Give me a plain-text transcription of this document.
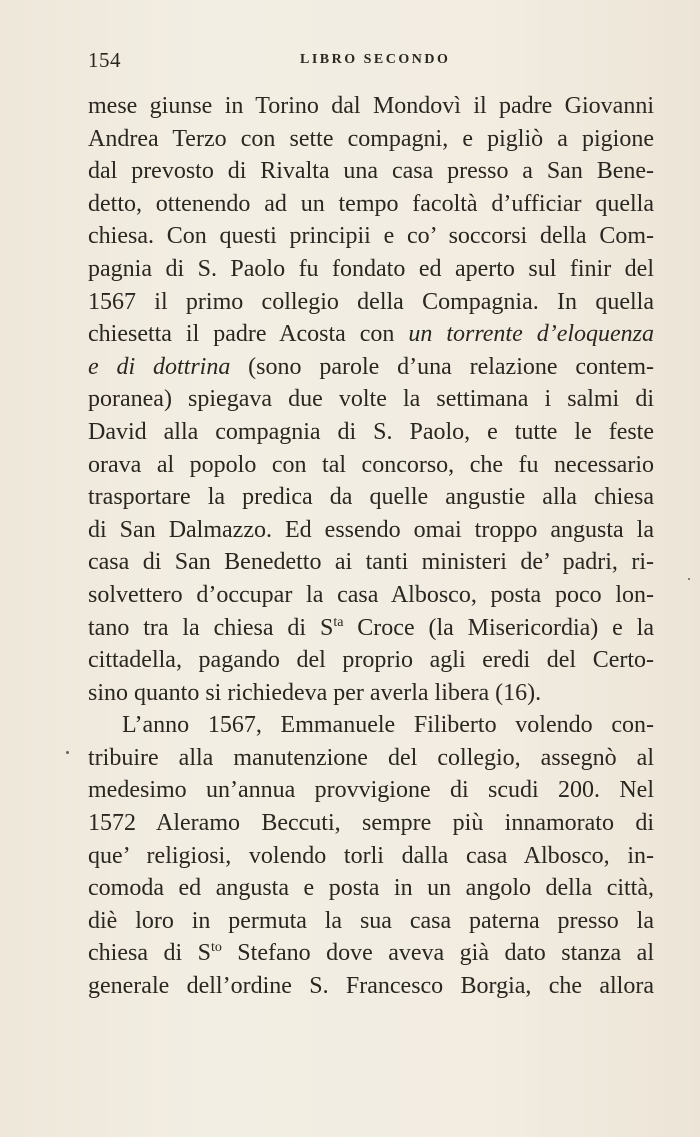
154	LIBRO SECONDO
mese giunse in Torino dal Mondovì il padre Giovanni
Andrea Terzo con sette compagni, e pigliò a pigione
dal prevosto di Rivalta una casa presso a San Bene-
detto, ottenendo ad un tempo facoltà d’ufficiar quella
chiesa. Con questi principii e co’ soccorsi della Com-
pagnia di S. Paolo fu fondato ed aperto sul finir del
1567 il primo collegio della Compagnia. In quella
chiesetta il padre Acosta con un torrente d’eloquenza
e di dottrina (sono parole d’una relazione contem-
poranea) spiegava due volte la settimana i salmi di
David alla compagnia di S. Paolo, e tutte le feste
orava al popolo con tal concorso, che fu necessario
trasportare la predica da quelle angustie alla chiesa
di San Dalmazzo. Ed essendo omai troppo angusta la
casa di San Benedetto ai tanti ministeri de’ padri, ri-
solvettero d’occupar la casa Albosco, posta poco lon-
tano tra la chiesa di $S^{ta}$ Croce (la Misericordia) e la
cittadella, pagando del proprio agli eredi del Certo-
sino quanto si richiedeva per averla libera (16).
L’anno 1567, Emmanuele Filiberto volendo con-
tribuire alla manutenzione del collegio, assegnò al
medesimo un’annua provvigione di scudi 200. Nel
1572 Aleramo Beccuti, sempre più innamorato di
que’ religiosi, volendo torli dalla casa Albosco, in-
comoda ed angusta e posta in un angolo della città,
diè loro in permuta la sua casa paterna presso la
chiesa di $S^{to}$ Stefano dove aveva già dato stanza al
generale dell’ordine S. Francesco Borgia, che allora
